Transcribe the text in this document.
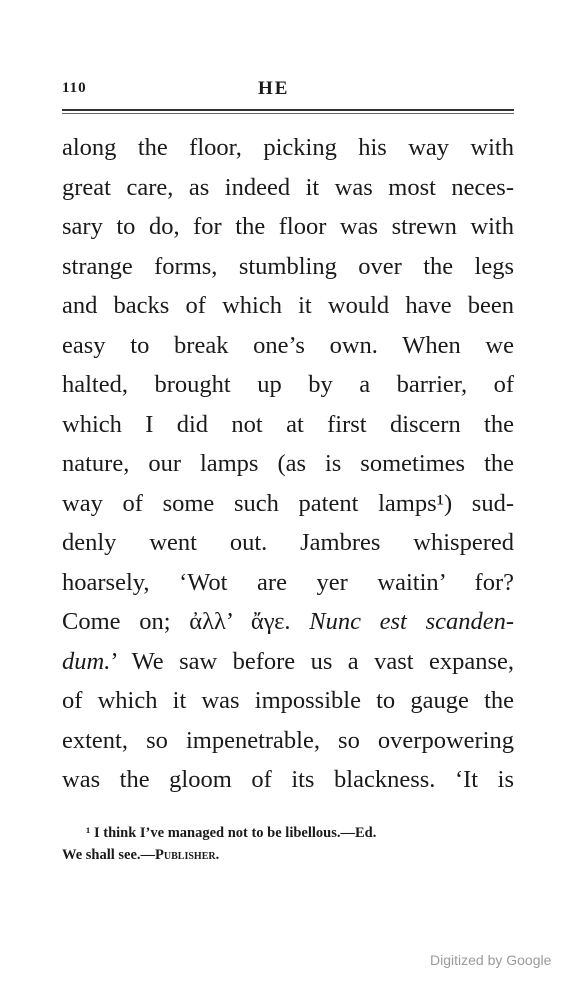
110	HE
along the floor, picking his way with
great care, as indeed it was most neces-
sary to do, for the floor was strewn with
strange forms, stumbling over the legs
and backs of which it would have been
easy to break one’s own. When we
halted, brought up by a barrier, of
which I did not at first discern the
nature, our lamps (as is sometimes the
way of some such patent lamps¹) sud-
denly went out. Jambres whispered
hoarsely, ‘Wot are yer waitin’ for?
Come on; ἀλλ’ ἄγε. Nunc est scanden-
dum.’ We saw before us a vast expanse,
of which it was impossible to gauge the
extent, so impenetrable, so overpowering
was the gloom of its blackness. ‘It is
¹ I think I’ve managed not to be libellous.—Ed.
We shall see.—Publisher.
Digitized by Google
